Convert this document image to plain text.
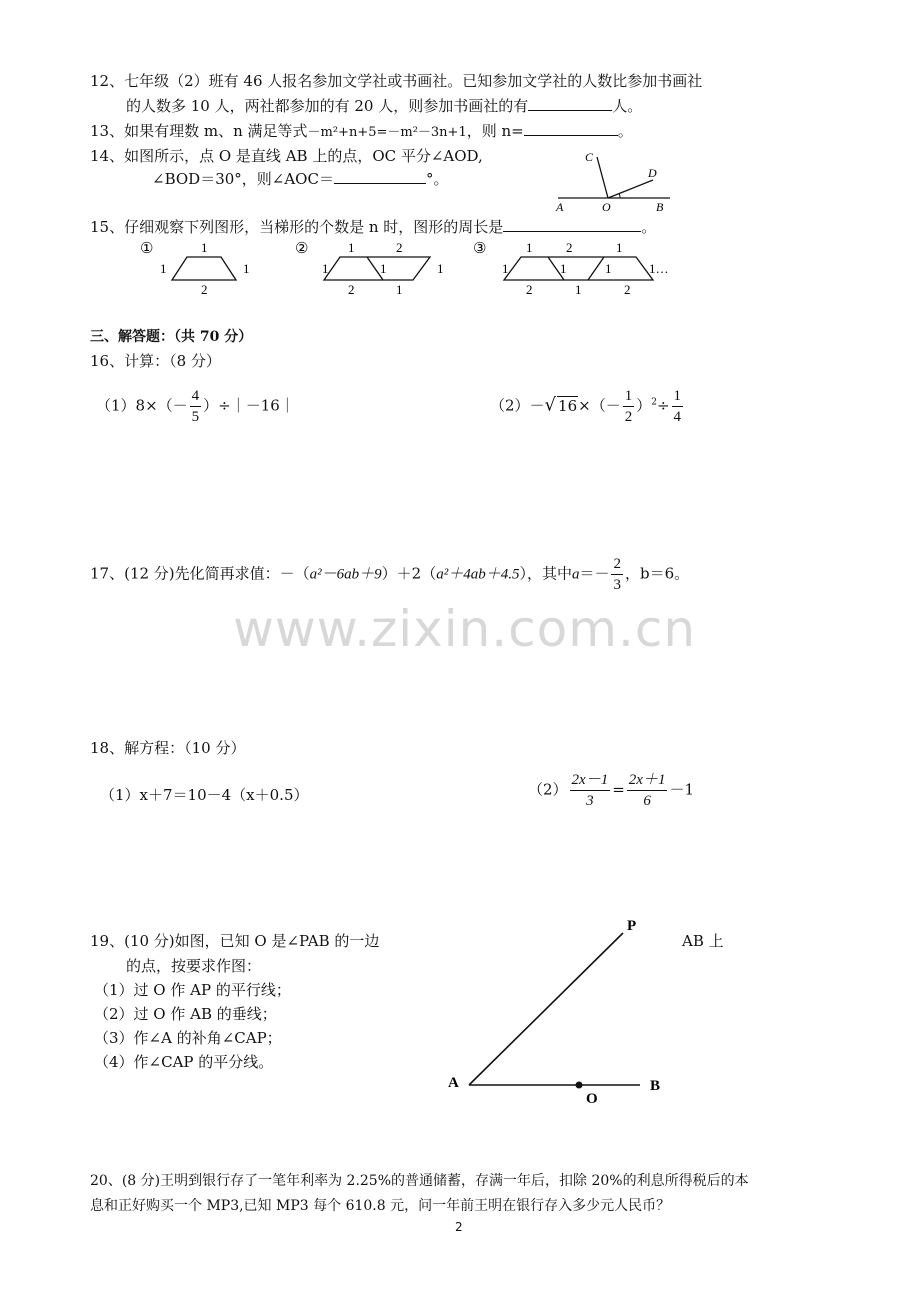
12、七年级（2）班有 46 人报名参加文学社或书画社。已知参加文学社的人数比参加书画社
的人数多 10 人，两社都参加的有 20 人，则参加书画社的有	人。
13、如果有理数 m、n 满足等式－m²+n+5=－m²－3n+1，则 n=	。
14、如图所示，点 O 是直线 AB 上的点，OC 平分∠AOD,
∠BOD＝30°，则∠AOC＝	°。
C
D
A	O	B
15、仔细观察下列图形，当梯形的个数是 n 时，图形的周长是	。
①	1
1	1
2
②	1	2
1	1	1
2	1
③	1	2	1
1	1	1	1…
2	1	2
三、解答题：（共 70 分）
16、计算：（8 分）
$(1)8\times(- \frac{4}{5}$ ）÷｜－16｜	（2）－√ $16\times(- \frac{1}{2} )^2\div \frac{1}{4}$
17、(12 分)先化简再求值：－（a²－6ab＋9）＋2（a²＋4ab＋4.5），其中$a=- \frac{2}{3}$ ，b＝6。
www.zixin.com.cn
18、解方程：（10 分）
（1）x＋7＝10－4（x＋0.5）	$(2) \frac{2x-1}{3} = \frac{2x+1}{6} -1$
19、(10 分)如图，已知 O 是∠PAB 的一边	AB 上
的点，按要求作图：
（1）过 O 作 AP 的平行线；
（2）过 O 作 AB 的垂线；
（3）作∠A 的补角∠CAP；
（4）作∠CAP 的平分线。
P
A
O
B
20、(8 分)王明到银行存了一笔年利率为 2.25%的普通储蓄，存满一年后，扣除 20%的利息所得税后的本
息和正好购买一个 MP3,已知 MP3 每个 610.8 元，问一年前王明在银行存入多少元人民币？
2
